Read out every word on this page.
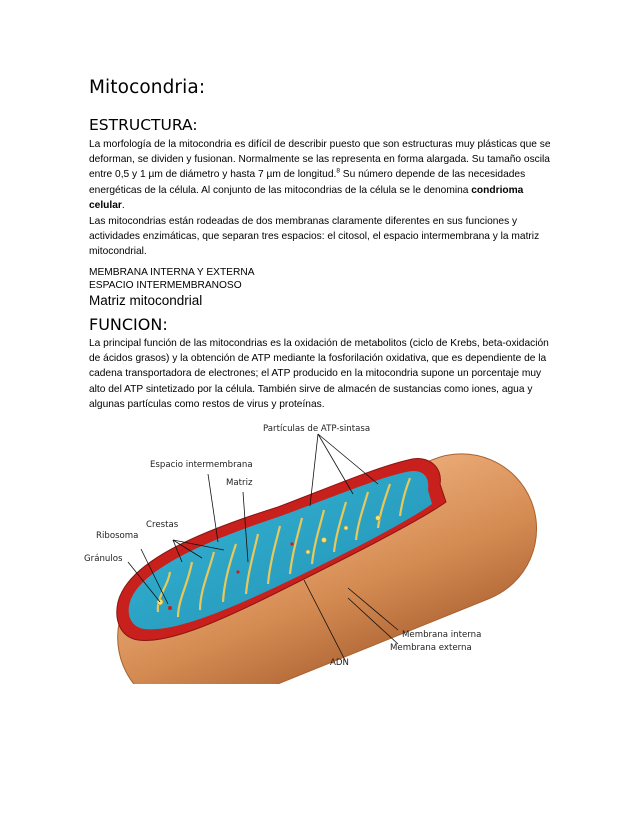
Mitocondria:
ESTRUCTURA:

La morfología de la mitocondria es difícil de describir puesto que son estructuras muy plásticas que se deforman, se dividen y fusionan. Normalmente se las representa en forma alargada. Su tamaño oscila entre 0,5 y 1 µm de diámetro y hasta 7 µm de longitud.$^8$ Su número depende de las necesidades energéticas de la célula. Al conjunto de las mitocondrias de la célula se le denomina condrioma celular.

Las mitocondrias están rodeadas de dos membranas claramente diferentes en sus funciones y actividades enzimáticas, que separan tres espacios: el citosol, el espacio intermembrana y la matriz mitocondrial.

MEMBRANA INTERNA Y EXTERNA
ESPACIO INTERMEMBRANOSO
Matriz mitocondrial
FUNCION:

La principal función de las mitocondrias es la oxidación de metabolitos (ciclo de Krebs, beta-oxidación de ácidos grasos) y la obtención de ATP mediante la fosforilación oxidativa, que es dependiente de la cadena transportadora de electrones; el ATP producido en la mitocondria supone un porcentaje muy alto del ATP sintetizado por la célula. También sirve de almacén de sustancias como iones, agua y algunas partículas como restos de virus y proteínas.

Partículas de ATP-sintasa
Espacio intermembrana
Matriz
Crestas
Ribosoma
Gránulos
Membrana interna
Membrana externa
ADN
